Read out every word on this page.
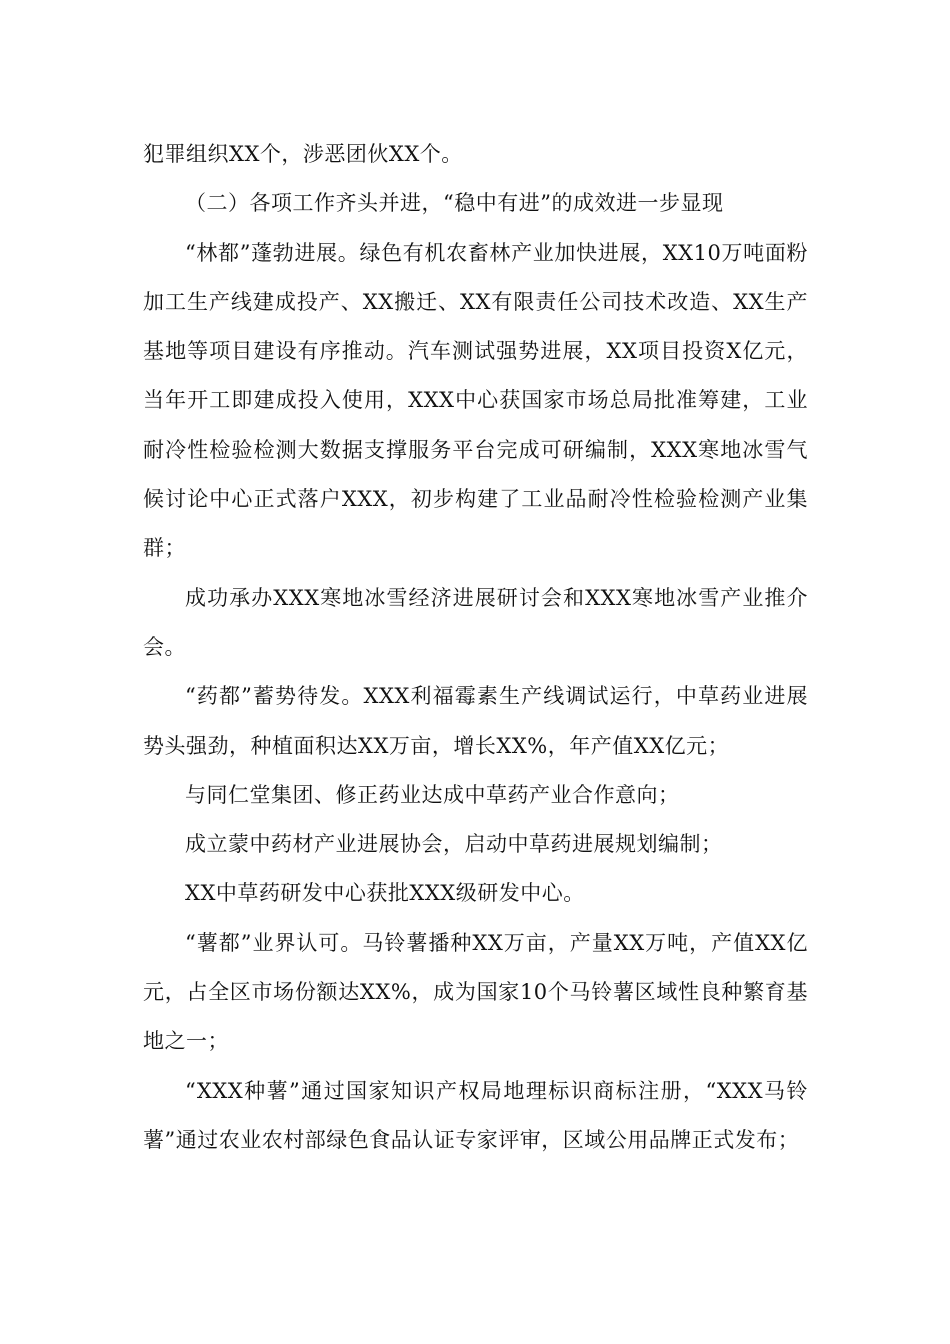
犯罪组织XX个，涉恶团伙XX个。

（二）各项工作齐头并进，“稳中有进”的成效进一步显现

“林都”蓬勃进展。绿色有机农畜林产业加快进展，XX10万吨面粉加工生产线建成投产、XX搬迁、XX有限责任公司技术改造、XX生产基地等项目建设有序推动。汽车测试强势进展，XX项目投资X亿元，当年开工即建成投入使用，XXX中心获国家市场总局批准筹建，工业耐冷性检验检测大数据支撑服务平台完成可研编制，XXX寒地冰雪气候讨论中心正式落户XXX，初步构建了工业品耐冷性检验检测产业集群；

成功承办XXX寒地冰雪经济进展研讨会和XXX寒地冰雪产业推介会。

“药都”蓄势待发。XXX利福霉素生产线调试运行，中草药业进展势头强劲，种植面积达XX万亩，增长XX%，年产值XX亿元；

与同仁堂集团、修正药业达成中草药产业合作意向；

成立蒙中药材产业进展协会，启动中草药进展规划编制；

XX中草药研发中心获批XXX级研发中心。

“薯都”业界认可。马铃薯播种XX万亩，产量XX万吨，产值XX亿元，占全区市场份额达XX%，成为国家10个马铃薯区域性良种繁育基地之一；

“XXX种薯”通过国家知识产权局地理标识商标注册，“XXX马铃薯”通过农业农村部绿色食品认证专家评审，区域公用品牌正式发布；
